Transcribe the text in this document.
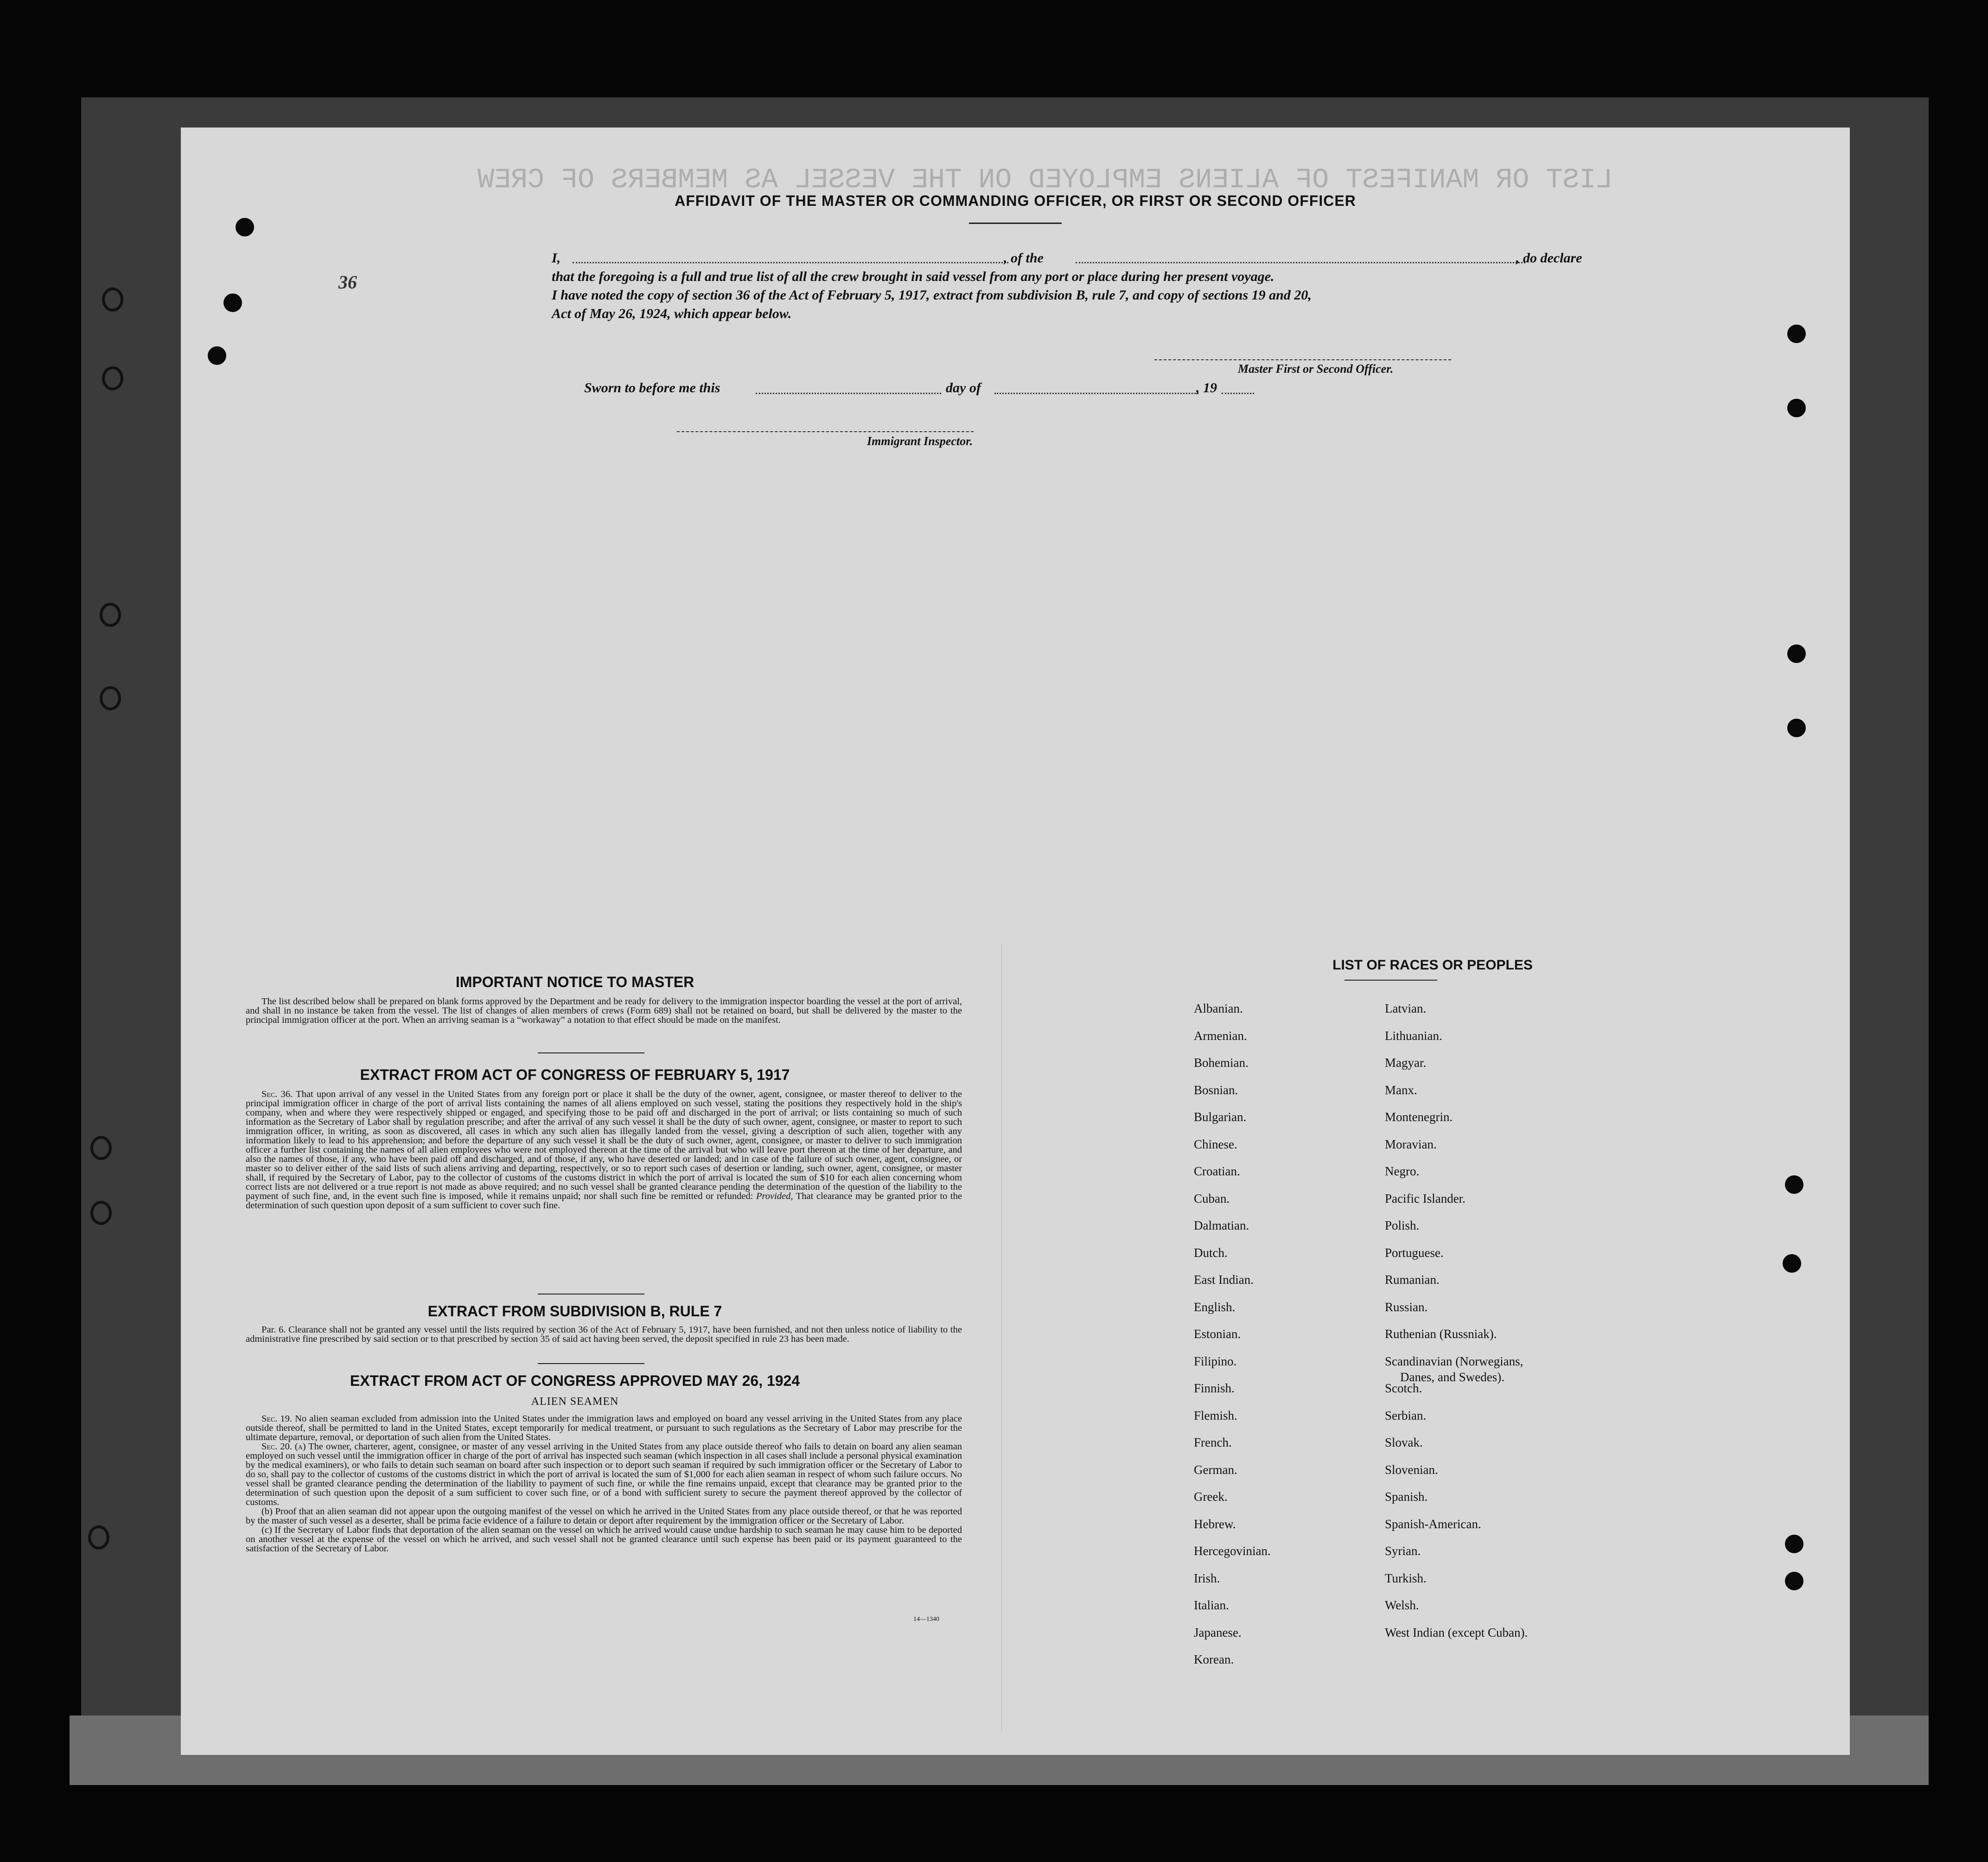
LIST OR MANIFEST OF ALIENS EMPLOYED ON THE VESSEL AS MEMBERS OF CREW
36
AFFIDAVIT OF THE MASTER OR COMMANDING OFFICER, OR FIRST OR SECOND OFFICER
I,	, of the	, do declare
that the foregoing is a full and true list of all the crew brought in said vessel from any port or place during her present voyage.
I have noted the copy of section 36 of the Act of February 5, 1917, extract from subdivision B, rule 7, and copy of sections 19 and 20,
Act of May 26, 1924, which appear below.
Master First or Second Officer.
Sworn to before me this	day of	, 19
Immigrant Inspector.
IMPORTANT NOTICE TO MASTER

The list described below shall be prepared on blank forms approved by the Department and be ready for delivery to the immigration inspector boarding the vessel at the port of arrival, and shall in no instance be taken from the vessel. The list of changes of alien members of crews (Form 689) shall not be retained on board, but shall be delivered by the master to the principal immigration officer at the port. When an arriving seaman is a “workaway” a notation to that effect should be made on the manifest.

EXTRACT FROM ACT OF CONGRESS OF FEBRUARY 5, 1917

Sec. 36. That upon arrival of any vessel in the United States from any foreign port or place it shall be the duty of the owner, agent, consignee, or master thereof to deliver to the principal immigration officer in charge of the port of arrival lists containing the names of all aliens employed on such vessel, stating the positions they respectively hold in the ship's company, when and where they were respectively shipped or engaged, and specifying those to be paid off and discharged in the port of arrival; or lists containing so much of such information as the Secretary of Labor shall by regulation prescribe; and after the arrival of any such vessel it shall be the duty of such owner, agent, consignee, or master to report to such immigration officer, in writing, as soon as discovered, all cases in which any such alien has illegally landed from the vessel, giving a description of such alien, together with any information likely to lead to his apprehension; and before the departure of any such vessel it shall be the duty of such owner, agent, consignee, or master to deliver to such immigration officer a further list containing the names of all alien employees who were not employed thereon at the time of the arrival but who will leave port thereon at the time of her departure, and also the names of those, if any, who have been paid off and discharged, and of those, if any, who have deserted or landed; and in case of the failure of such owner, agent, consignee, or master so to deliver either of the said lists of such aliens arriving and departing, respectively, or so to report such cases of desertion or landing, such owner, agent, consignee, or master shall, if required by the Secretary of Labor, pay to the collector of customs of the customs district in which the port of arrival is located the sum of $10 for each alien concerning whom correct lists are not delivered or a true report is not made as above required; and no such vessel shall be granted clearance pending the determination of the question of the liability to the payment of such fine, and, in the event such fine is imposed, while it remains unpaid; nor shall such fine be remitted or refunded: Provided, That clearance may be granted prior to the determination of such question upon deposit of a sum sufficient to cover such fine.

EXTRACT FROM SUBDIVISION B, RULE 7

Par. 6. Clearance shall not be granted any vessel until the lists required by section 36 of the Act of February 5, 1917, have been furnished, and not then unless notice of liability to the administrative fine prescribed by said section or to that prescribed by section 35 of said act having been served, the deposit specified in rule 23 has been made.

EXTRACT FROM ACT OF CONGRESS APPROVED MAY 26, 1924
ALIEN SEAMEN

Sec. 19. No alien seaman excluded from admission into the United States under the immigration laws and employed on board any vessel arriving in the United States from any place outside thereof, shall be permitted to land in the United States, except temporarily for medical treatment, or pursuant to such regulations as the Secretary of Labor may prescribe for the ultimate departure, removal, or deportation of such alien from the United States.

Sec. 20. (a) The owner, charterer, agent, consignee, or master of any vessel arriving in the United States from any place outside thereof who fails to detain on board any alien seaman employed on such vessel until the immigration officer in charge of the port of arrival has inspected such seaman (which inspection in all cases shall include a personal physical examination by the medical examiners), or who fails to detain such seaman on board after such inspection or to deport such seaman if required by such immigration officer or the Secretary of Labor to do so, shall pay to the collector of customs of the customs district in which the port of arrival is located the sum of $1,000 for each alien seaman in respect of whom such failure occurs. No vessel shall be granted clearance pending the determination of the liability to payment of such fine, or while the fine remains unpaid, except that clearance may be granted prior to the determination of such question upon the deposit of a sum sufficient to cover such fine, or of a bond with sufficient surety to secure the payment thereof approved by the collector of customs.

(b) Proof that an alien seaman did not appear upon the outgoing manifest of the vessel on which he arrived in the United States from any place outside thereof, or that he was reported by the master of such vessel as a deserter, shall be prima facie evidence of a failure to detain or deport after requirement by the immigration officer or the Secretary of Labor.

(c) If the Secretary of Labor finds that deportation of the alien seaman on the vessel on which he arrived would cause undue hardship to such seaman he may cause him to be deported on another vessel at the expense of the vessel on which he arrived, and such vessel shall not be granted clearance until such expense has been paid or its payment guaranteed to the satisfaction of the Secretary of Labor.

14—1340
LIST OF RACES OR PEOPLES
Albanian.
Armenian.
Bohemian.
Bosnian.
Bulgarian.
Chinese.
Croatian.
Cuban.
Dalmatian.
Dutch.
East Indian.
English.
Estonian.
Filipino.
Finnish.
Flemish.
French.
German.
Greek.
Hebrew.
Hercegovinian.
Irish.
Italian.
Japanese.
Korean.
Latvian.
Lithuanian.
Magyar.
Manx.
Montenegrin.
Moravian.
Negro.
Pacific Islander.
Polish.
Portuguese.
Rumanian.
Russian.
Ruthenian (Russniak).
Scandinavian (Norwegians,
Danes, and Swedes).
Scotch.
Serbian.
Slovak.
Slovenian.
Spanish.
Spanish-American.
Syrian.
Turkish.
Welsh.
West Indian (except Cuban).
